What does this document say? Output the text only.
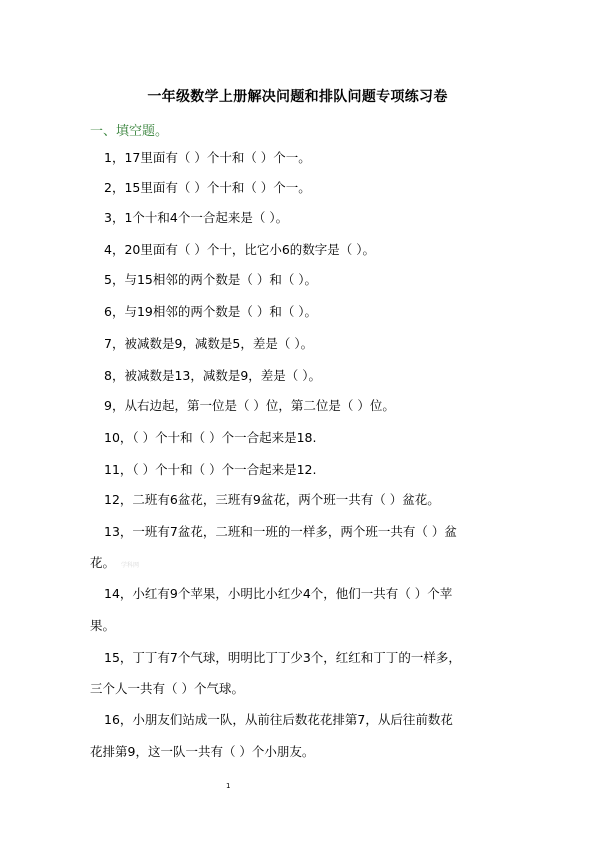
一年级数学上册解决问题和排队问题专项练习卷
一、填空题。
1，17里面有（ ）个十和（ ）个一。
2，15里面有（ ）个十和（ ）个一。
3，1个十和4个一合起来是（ ）。
4，20里面有（ ）个十，比它小6的数字是（ ）。
5，与15相邻的两个数是（ ）和（ ）。
6，与19相邻的两个数是（ ）和（ ）。
7，被减数是9，减数是5，差是（ ）。
8，被减数是13，减数是9，差是（ ）。
9，从右边起，第一位是（ ）位，第二位是（ ）位。
10，（ ）个十和（ ）个一合起来是18.
11，（ ）个十和（ ）个一合起来是12.
12，二班有6盆花，三班有9盆花，两个班一共有（ ）盆花。
13，一班有7盆花，二班和一班的一样多，两个班一共有（ ）盆
花。 学科网
14，小红有9个苹果，小明比小红少4个，他们一共有（ ）个苹
果。
15，丁丁有7个气球，明明比丁丁少3个，红红和丁丁的一样多，
三个人一共有（ ）个气球。
16，小朋友们站成一队，从前往后数花花排第7，从后往前数花
花排第9，这一队一共有（ ）个小朋友。
1
